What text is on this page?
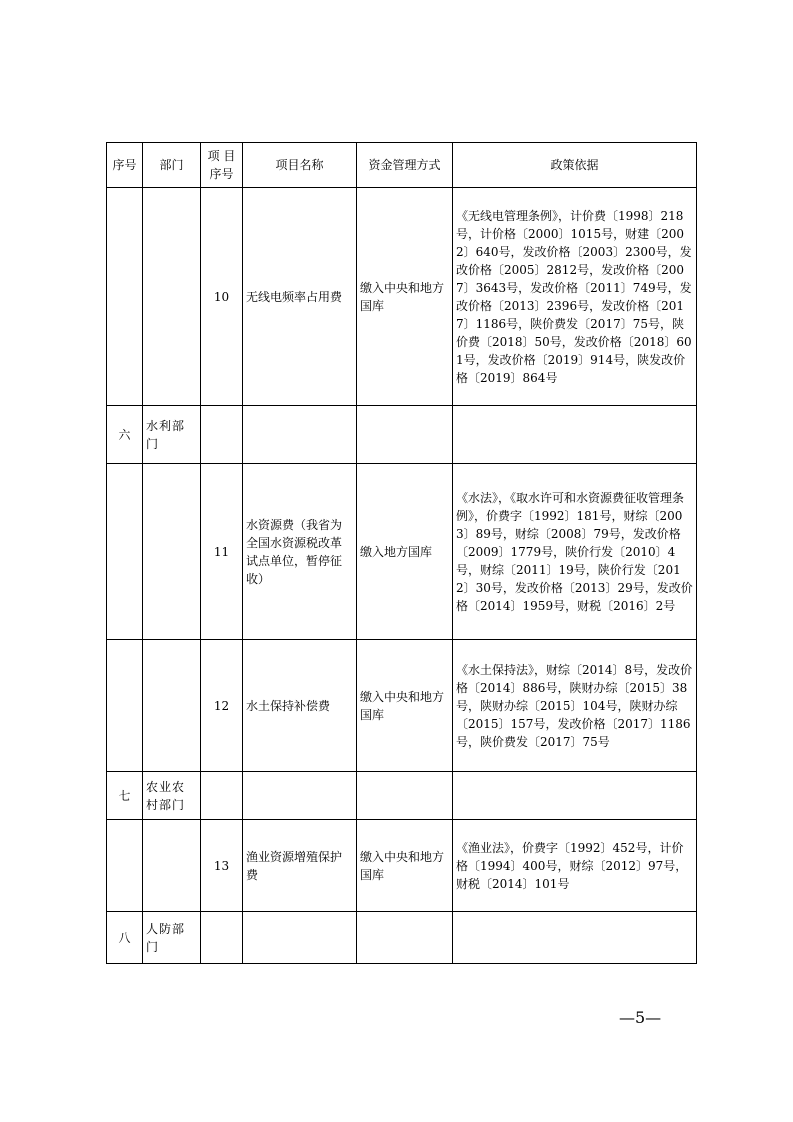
序号	部门	项 目 序号	项目名称	资金管理方式	政策依据
		10	无线电频率占用费	缴入中央和地方国库	《无线电管理条例》，计价费〔1998〕218号，计价格〔2000〕1015号，财建〔2002〕640号，发改价格〔2003〕2300号，发改价格〔2005〕2812号，发改价格〔2007〕3643号，发改价格〔2011〕749号，发改价格〔2013〕2396号，发改价格〔2017〕1186号，陕价费发〔2017〕75号，陕价费〔2018〕50号，发改价格〔2018〕601号，发改价格〔2019〕914号，陕发改价格〔2019〕864号
六	水利部门				
		11	水资源费（我省为全国水资源税改革试点单位，暂停征收）	缴入地方国库	《水法》，《取水许可和水资源费征收管理条例》，价费字〔1992〕181号，财综〔2003〕89号，财综〔2008〕79号，发改价格〔2009〕1779号，陕价行发〔2010〕4号，财综〔2011〕19号，陕价行发〔2012〕30号，发改价格〔2013〕29号，发改价格〔2014〕1959号，财税〔2016〕2号
		12	水土保持补偿费	缴入中央和地方国库	《水土保持法》，财综〔2014〕8号，发改价格〔2014〕886号，陕财办综〔2015〕38号，陕财办综〔2015〕104号，陕财办综〔2015〕157号，发改价格〔2017〕1186号，陕价费发〔2017〕75号
七	农业农村部门				
		13	渔业资源增殖保护费	缴入中央和地方国库	《渔业法》，价费字〔1992〕452号，计价格〔1994〕400号，财综〔2012〕97号，财税〔2014〕101号
八	人防部门				
—5—
